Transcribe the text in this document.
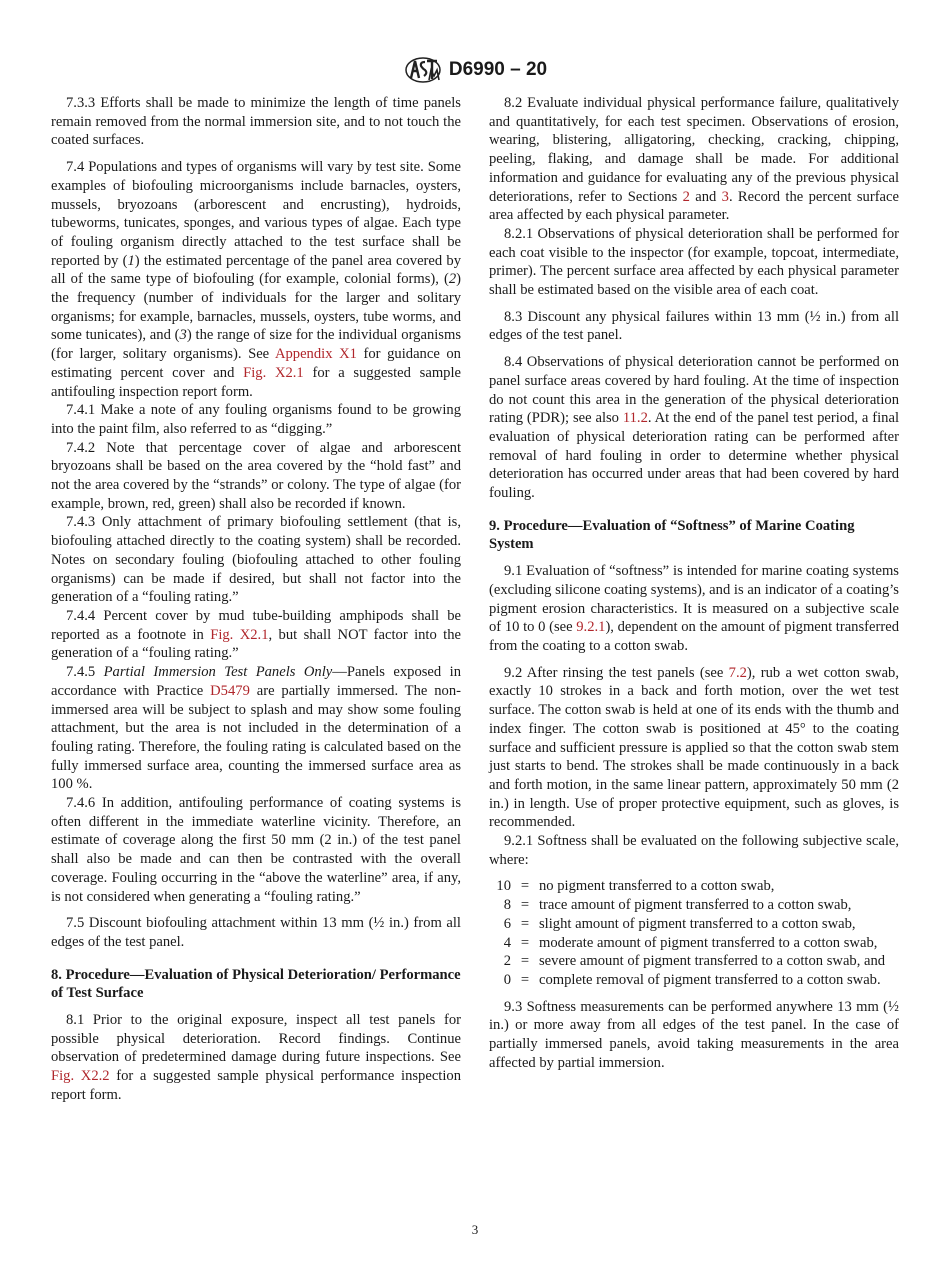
D6990 – 20

7.3.3 Efforts shall be made to minimize the length of time panels remain removed from the normal immersion site, and to not touch the coated surfaces.

7.4 Populations and types of organisms will vary by test site. Some examples of biofouling microorganisms include barnacles, oysters, mussels, bryozoans (arborescent and encrusting), hydroids, tubeworms, tunicates, sponges, and various types of algae. Each type of fouling organism directly attached to the test surface shall be reported by (1) the estimated percentage of the panel area covered by all of the same type of biofouling (for example, colonial forms), (2) the frequency (number of individuals for the larger and solitary organisms; for example, barnacles, mussels, oysters, tube worms, and some tunicates), and (3) the range of size for the individual organisms (for larger, solitary organisms). See Appendix X1 for guidance on estimating percent cover and Fig. X2.1 for a suggested sample antifouling inspection report form.

7.4.1 Make a note of any fouling organisms found to be growing into the paint film, also referred to as “digging.”

7.4.2 Note that percentage cover of algae and arborescent bryozoans shall be based on the area covered by the “hold fast” and not the area covered by the “strands” or colony. The type of algae (for example, brown, red, green) shall also be recorded if known.

7.4.3 Only attachment of primary biofouling settlement (that is, biofouling attached directly to the coating system) shall be recorded. Notes on secondary fouling (biofouling attached to other fouling organisms) can be made if desired, but shall not factor into the generation of a “fouling rating.”

7.4.4 Percent cover by mud tube-building amphipods shall be reported as a footnote in Fig. X2.1, but shall NOT factor into the generation of a “fouling rating.”

7.4.5 Partial Immersion Test Panels Only—Panels exposed in accordance with Practice D5479 are partially immersed. The non-immersed area will be subject to splash and may show some fouling attachment, but the area is not included in the determination of a fouling rating. Therefore, the fouling rating is calculated based on the fully immersed surface area, counting the immersed surface area as 100 %.

7.4.6 In addition, antifouling performance of coating systems is often different in the immediate waterline vicinity. Therefore, an estimate of coverage along the first 50 mm (2 in.) of the test panel shall also be made and can then be contrasted with the overall coverage. Fouling occurring in the “above the waterline” area, if any, is not considered when generating a “fouling rating.”

7.5 Discount biofouling attachment within 13 mm (½ in.) from all edges of the test panel.

8. Procedure—Evaluation of Physical Deterioration/ Performance of Test Surface

8.1 Prior to the original exposure, inspect all test panels for possible physical deterioration. Record findings. Continue observation of predetermined damage during future inspections. See Fig. X2.2 for a suggested sample physical performance inspection report form.

8.2 Evaluate individual physical performance failure, qualitatively and quantitatively, for each test specimen. Observations of erosion, wearing, blistering, alligatoring, checking, cracking, chipping, peeling, flaking, and damage shall be made. For additional information and guidance for evaluating any of the previous physical deteriorations, refer to Sections 2 and 3. Record the percent surface area affected by each physical parameter.

8.2.1 Observations of physical deterioration shall be performed for each coat visible to the inspector (for example, topcoat, intermediate, primer). The percent surface area affected by each physical parameter shall be estimated based on the visible area of each coat.

8.3 Discount any physical failures within 13 mm (½ in.) from all edges of the test panel.

8.4 Observations of physical deterioration cannot be performed on panel surface areas covered by hard fouling. At the time of inspection do not count this area in the generation of the physical deterioration rating (PDR); see also 11.2. At the end of the panel test period, a final evaluation of physical deterioration rating can be performed after removal of hard fouling in order to determine whether physical deterioration has occurred under areas that had been covered by hard fouling.

9. Procedure—Evaluation of “Softness” of Marine Coating System

9.1 Evaluation of “softness” is intended for marine coating systems (excluding silicone coating systems), and is an indicator of a coating’s pigment erosion characteristics. It is measured on a subjective scale of 10 to 0 (see 9.2.1), dependent on the amount of pigment transferred from the coating to a cotton swab.

9.2 After rinsing the test panels (see 7.2), rub a wet cotton swab, exactly 10 strokes in a back and forth motion, over the wet test surface. The cotton swab is held at one of its ends with the thumb and index finger. The cotton swab is positioned at 45° to the coating surface and sufficient pressure is applied so that the cotton swab stem just starts to bend. The strokes shall be made continuously in a back and forth motion, in the same linear pattern, approximately 50 mm (2 in.) in length. Use of proper protective equipment, such as gloves, is recommended.

9.2.1 Softness shall be evaluated on the following subjective scale, where:

10 = no pigment transferred to a cotton swab,
8 = trace amount of pigment transferred to a cotton swab,
6 = slight amount of pigment transferred to a cotton swab,
4 = moderate amount of pigment transferred to a cotton swab,
2 = severe amount of pigment transferred to a cotton swab, and
0 = complete removal of pigment transferred to a cotton swab.

9.3 Softness measurements can be performed anywhere 13 mm (½ in.) or more away from all edges of the test panel. In the case of partially immersed panels, avoid taking measurements in the area affected by partial immersion.

3
